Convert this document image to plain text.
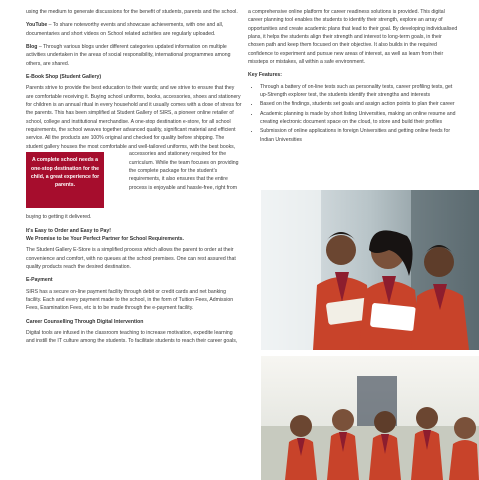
using the medium to generate discussions for the benefit of students, parents and the school.

YouTube – To share noteworthy events and showcase achievements, with one and all, documentaries and short videos on School related activities are regularly uploaded.

Blog – Through various blogs under different categories updated information on multiple activities undertaken in the areas of social responsibility, international programmes among others, are shared.

E-Book Shop (Student Gallery)

Parents strive to provide the best education to their wards; and we strive to ensure that they are comfortable receiving it. Buying school uniforms, books, accessories, shoes and stationery for children is an annual ritual in every household and it usually comes with a dose of stress for the parents. This has been simplified at Student Gallery of SIRS, a pioneer online retailer of school, college and institutional merchandise. A one-stop destination e-store, for all school requirements, the school weaves together advanced quality, significant material and efficient service. All the products are 100% original and checked for quality before shipping. The student gallery houses the most comfortable and well-tailored uniforms, with the best books,

A complete school needs a one-stop destination for the child, a great experience for parents.
accessories and stationery required for the curriculum. While the team focuses on providing the complete package for the student's requirements, it also ensures that the entire process is enjoyable and hassle-free, right from

buying to getting it delivered.

It's Easy to Order and Easy to Pay!
We Promise to be Your Perfect Partner for School Requirements.

The Student Gallery E-Store is a simplified process which allows the parent to order at their convenience and comfort, with no queues at the school premises. One can rest assured that quality products reach the desired destination.

E-Payment

SIRS has a secure on-line payment facility through debit or credit cards and net banking facility. Each and every payment made to the school, in the form of Tuition Fees, Admission Fees, Examination Fees, etc is to be made through the e-payment facility.

Career Counselling Through Digital Intervention

Digital tools are infused in the classroom teaching to increase motivation, expedite learning and instill the IT culture among the students. To facilitate students to reach their career goals,

a comprehensive online platform for career readiness solutions is provided. This digital career planning tool enables the students to identify their strength, explore an array of opportunities and create academic plans that lead to their goal. By developing individualised plans, it helps the students align their strength and interest to long-term goals, in their chosen path and keep them focused on their objective. It also builds in the required confidence to experiment and pursue new areas of interest, as well as learn from their missteps or mistakes, all within a safe environment.

Key Features:
• Through a battery of on-line tests such as personality tests, career profiling tests, get up-Strength explorer test, the students identify their strengths and interests
• Based on the findings, students set goals and assign action points to plan their career
• Academic planning is made by short listing Universities, making an online resume and creating electronic document space on the cloud, to store and build their profiles
• Submission of online applications in foreign Universities and getting online feeds for Indian Universities
